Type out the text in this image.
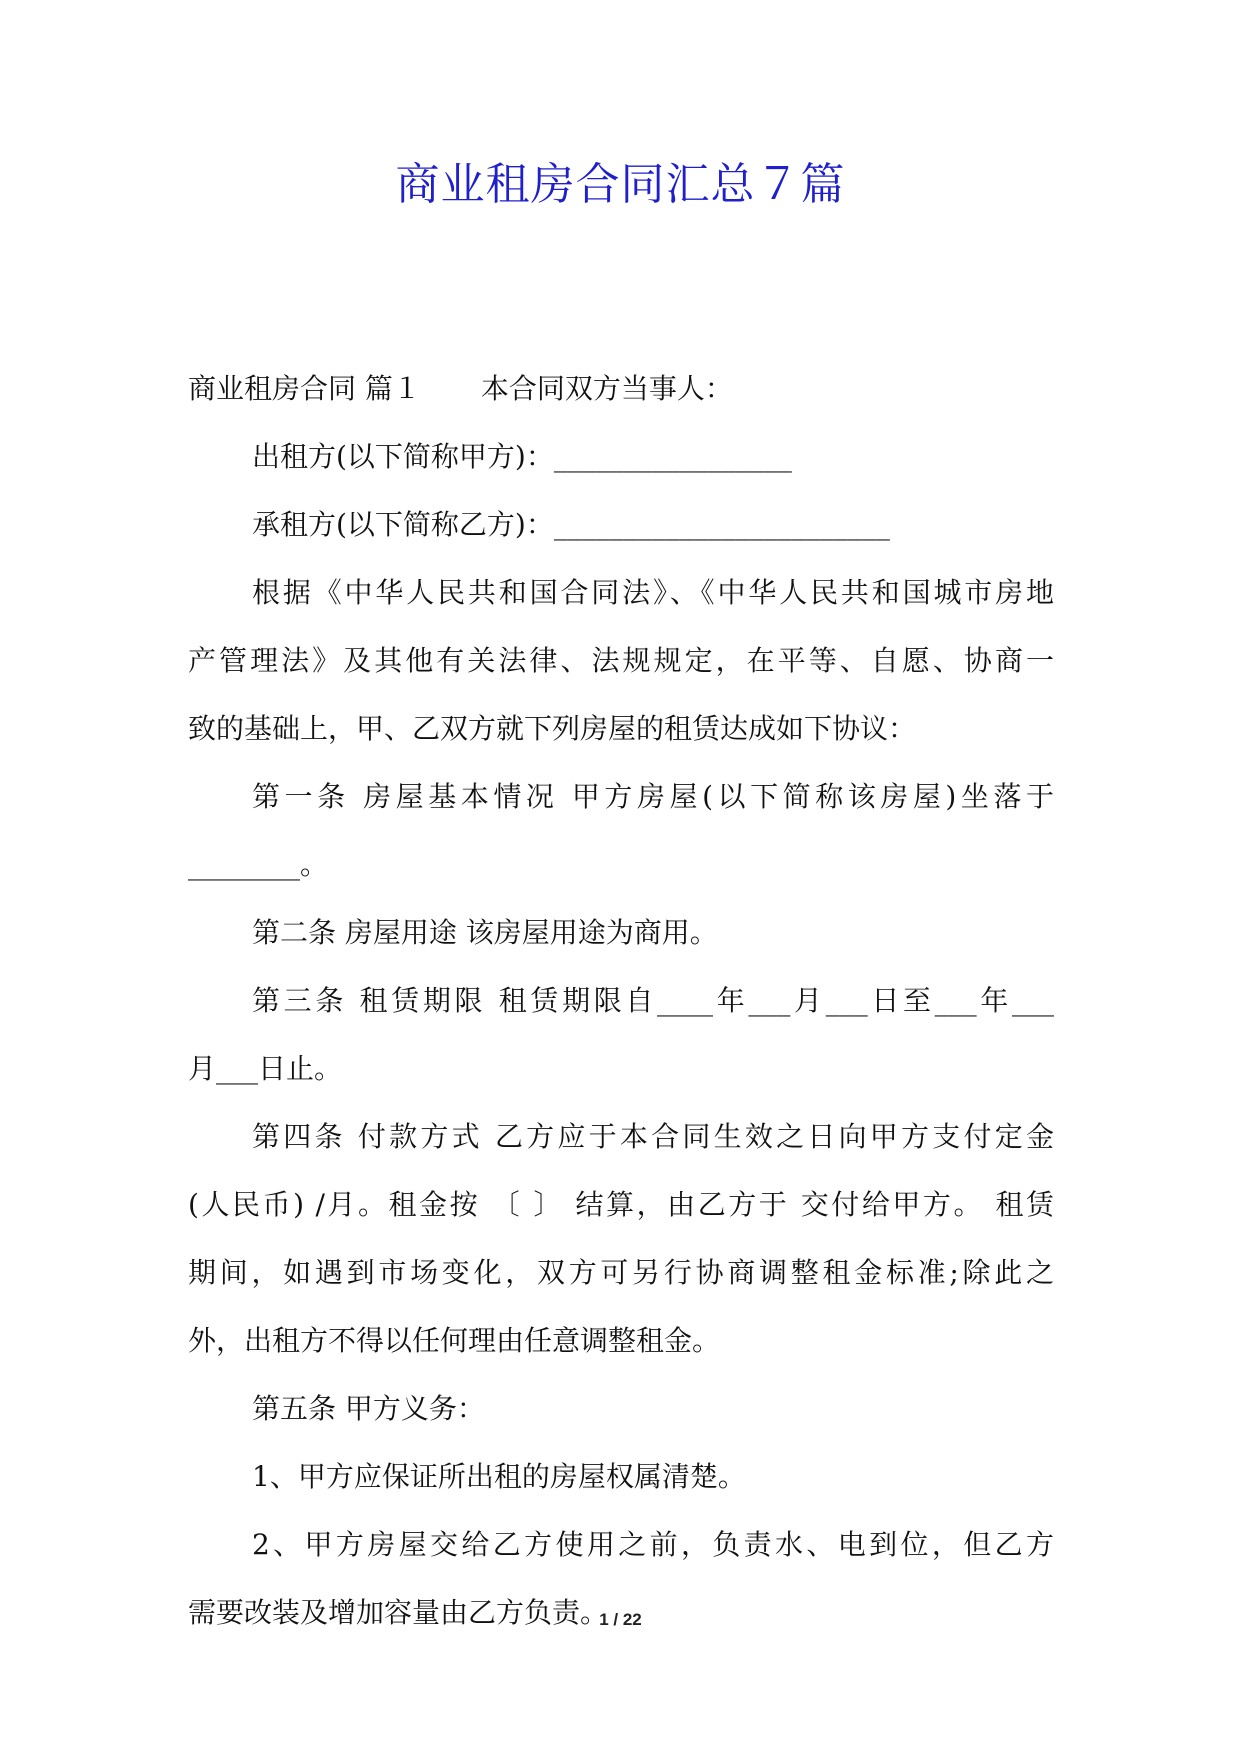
商业租房合同汇总７篇
商业租房合同 篇１ 本合同双方当事人：
出租方(以下简称甲方)：_________________
承租方(以下简称乙方)：________________________
根据《中华人民共和国合同法》、《中华人民共和国城市房地
产管理法》及其他有关法律、法规规定，在平等、自愿、协商一
致的基础上，甲、乙双方就下列房屋的租赁达成如下协议：
第一条 房屋基本情况 甲方房屋(以下简称该房屋)坐落于
________。
第二条 房屋用途 该房屋用途为商用。
第三条 租赁期限 租赁期限自____年___月___日至___年___
月___日止。
第四条 付款方式 乙方应于本合同生效之日向甲方支付定金
(人民币) /月。租金按 〔 〕 结算，由乙方于 交付给甲方。 租赁
期间，如遇到市场变化，双方可另行协商调整租金标准;除此之
外，出租方不得以任何理由任意调整租金。
第五条 甲方义务：
1、甲方应保证所出租的房屋权属清楚。
2、甲方房屋交给乙方使用之前，负责水、电到位，但乙方
需要改装及增加容量由乙方负责。
1 / 22
